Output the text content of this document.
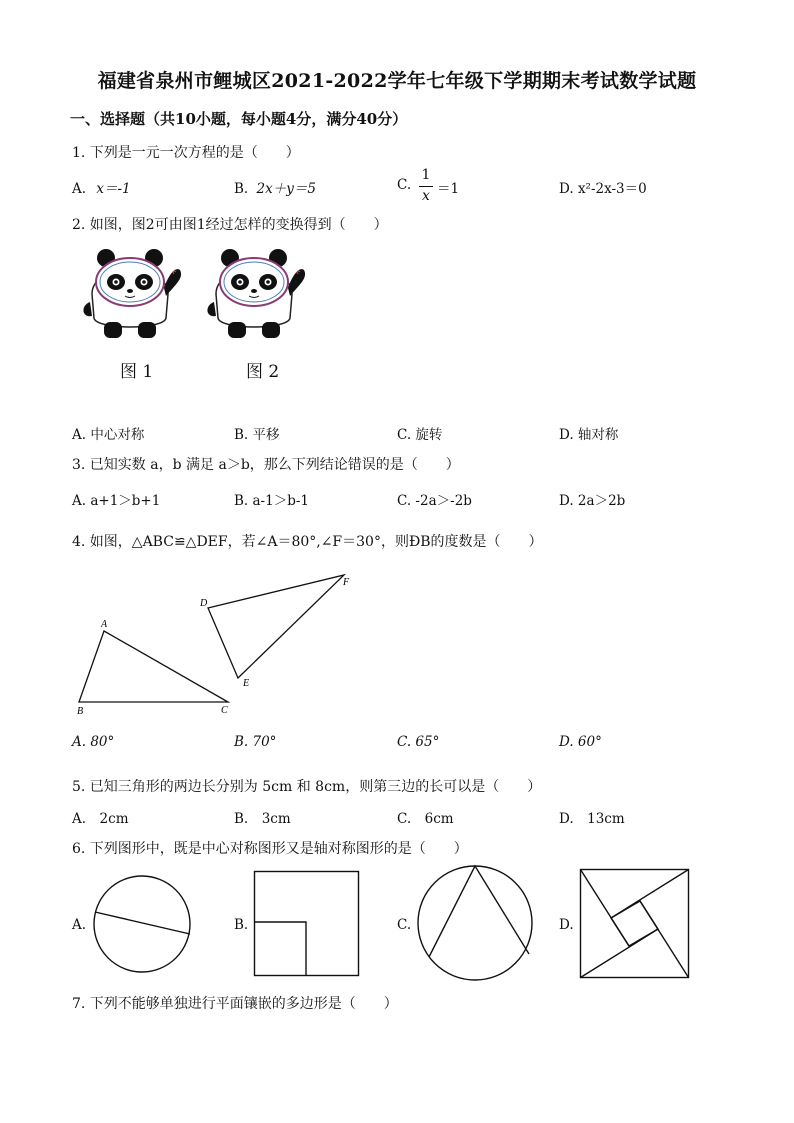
福建省泉州市鲤城区2021-2022学年七年级下学期期末考试数学试题
一、选择题（共10小题，每小题4分，满分40分）
1. 下列是一元一次方程的是（　　）
A. x＝-1	B. 2x＋y＝5	C.
1
x ＝1	D. x²-2x-3＝0
2. 如图，图2可由图1经过怎样的变换得到（　　）
图 1	图 2
A. 中心对称	B. 平移	C. 旋转	D. 轴对称
3. 已知实数 a，b 满足 a＞b，那么下列结论错误的是（　　）
A. a+1＞b+1	B. a-1＞b-1	C. -2a＞-2b	D. 2a＞2b
4. 如图，△ABC≌△DEF，若∠A＝80°,∠F＝30°，则ÐB的度数是（　　）
A
B	C
D
E
F
A. 80°	B. 70°	C. 65°	D. 60°
5. 已知三角形的两边长分别为 5cm 和 8cm，则第三边的长可以是（　　）
A.　2cm	B.　3cm	C.　6cm	D.　13cm
6. 下列图形中，既是中心对称图形又是轴对称图形的是（　　）
A.	B.	C.	D.
7. 下列不能够单独进行平面镶嵌的多边形是（　　）
